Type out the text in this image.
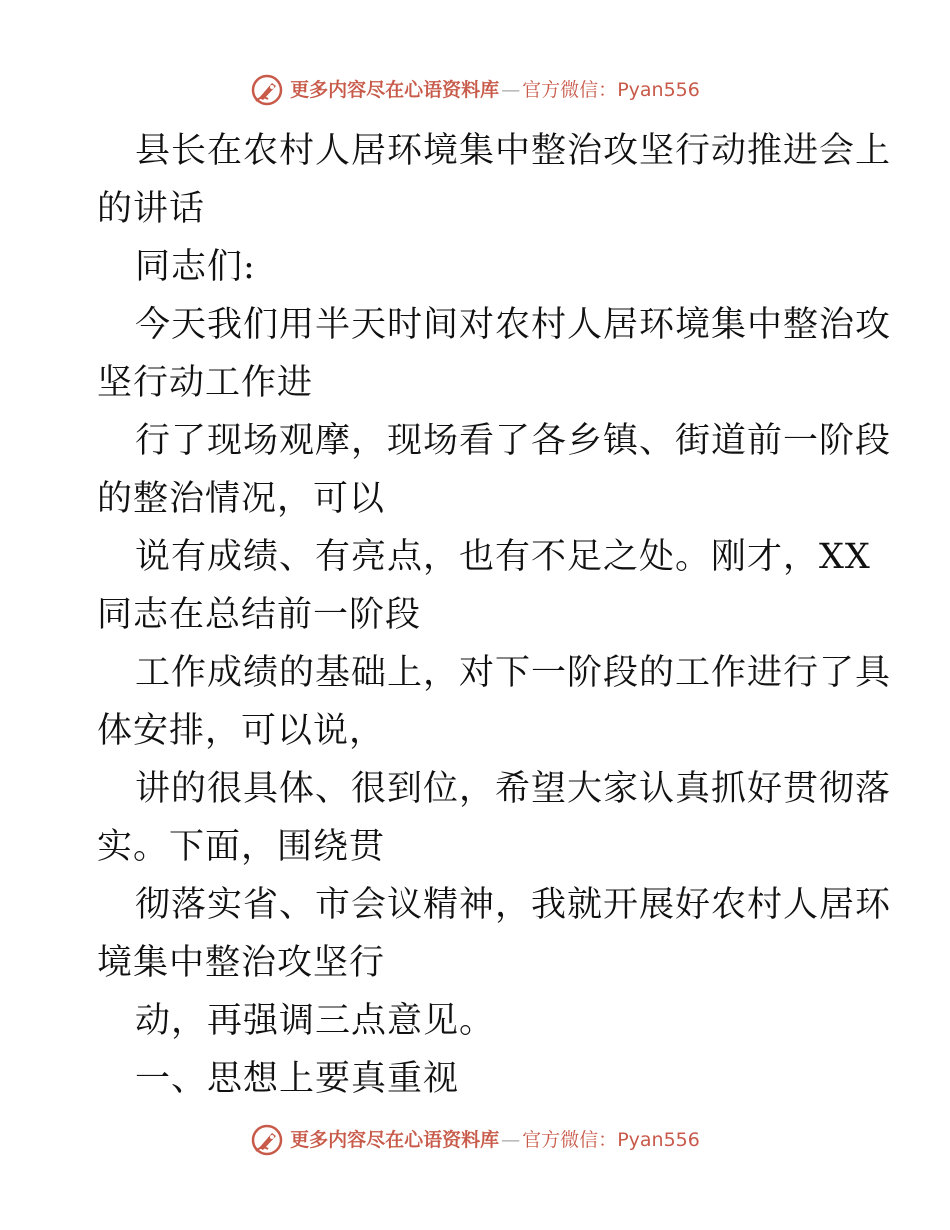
更多内容尽在心语资料库 — 官方微信： Pyan556
县长在农村人居环境集中整治攻坚行动推进会上
的讲话
同志们:
今天我们用半天时间对农村人居环境集中整治攻
坚行动工作进
行了现场观摩，现场看了各乡镇、街道前一阶段
的整治情况，可以
说有成绩、有亮点，也有不足之处。刚才，XX
同志在总结前一阶段
工作成绩的基础上，对下一阶段的工作进行了具
体安排，可以说，
讲的很具体、很到位，希望大家认真抓好贯彻落
实。下面，围绕贯
彻落实省、市会议精神，我就开展好农村人居环
境集中整治攻坚行
动，再强调三点意见。
一、思想上要真重视
更多内容尽在心语资料库 — 官方微信： Pyan556
